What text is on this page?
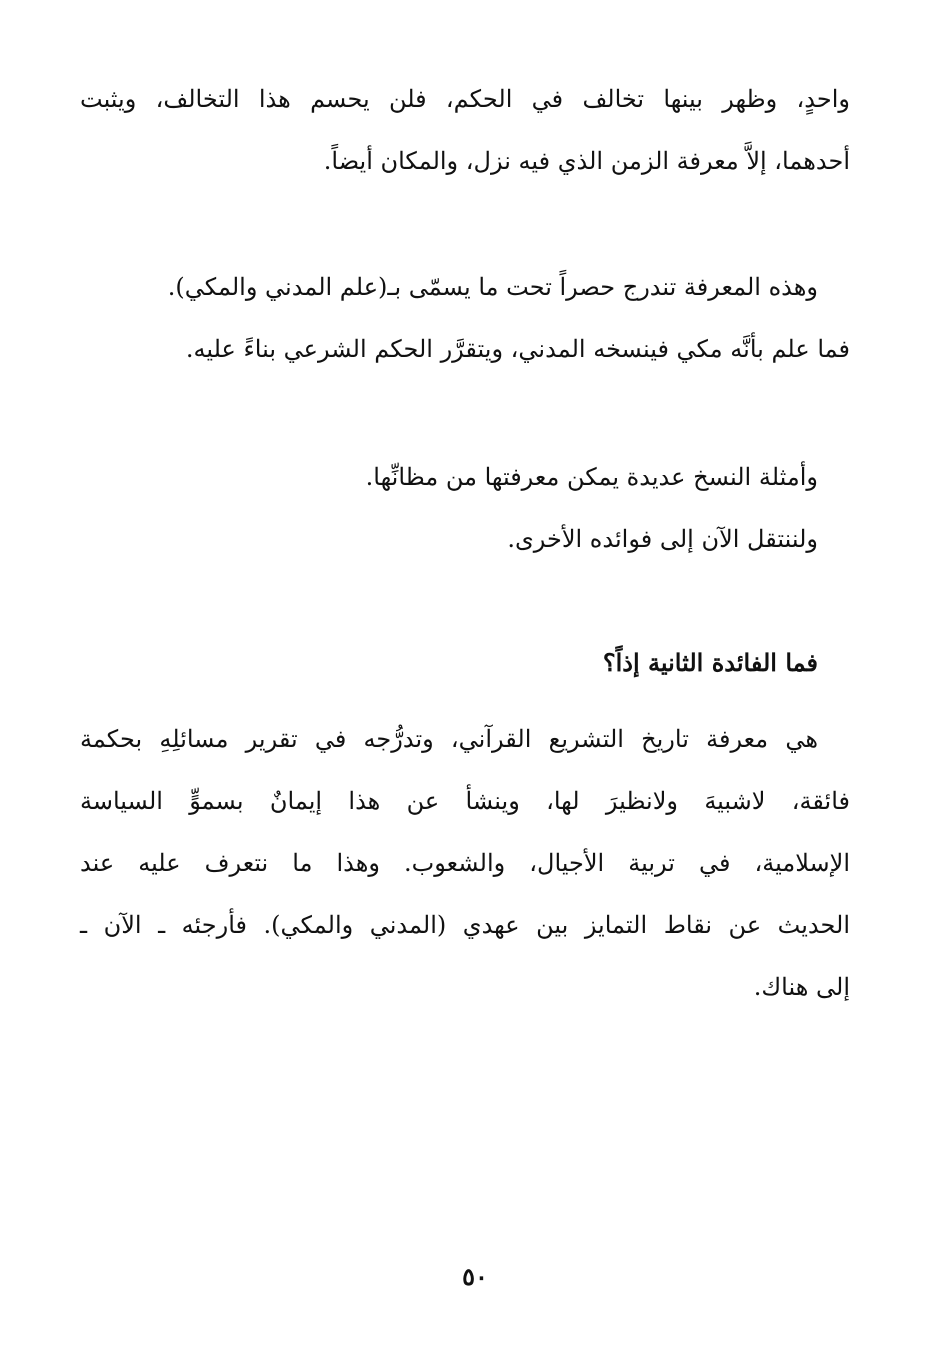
واحدٍ، وظهر بينها تخالف في الحكم، فلن يحسم هذا التخالف، ويثبت
أحدهما، إلاَّ معرفة الزمن الذي فيه نزل، والمكان أيضاً.
وهذه المعرفة تندرج حصراً تحت ما يسمّى بـ(علم المدني والمكي).
فما علم بأنَّه مكي فينسخه المدني، ويتقرَّر الحكم الشرعي بناءً عليه.
وأمثلة النسخ عديدة يمكن معرفتها من مظانِّها.
ولننتقل الآن إلى فوائده الأخرى.
فما الفائدة الثانية إذاً؟
هي معرفة تاريخ التشريع القرآني، وتدرُّجه في تقرير مسائلِهِ بحكمة
فائقة، لاشبيهَ ولانظيرَ لها، وينشأ عن هذا إيمانٌ بسموٍّ السياسة
الإسلامية، في تربية الأجيال، والشعوب. وهذا ما نتعرف عليه عند
الحديث عن نقاط التمايز بين عهدي (المدني والمكي). فأرجئه ـ الآن ـ
إلى هناك.
٥٠
